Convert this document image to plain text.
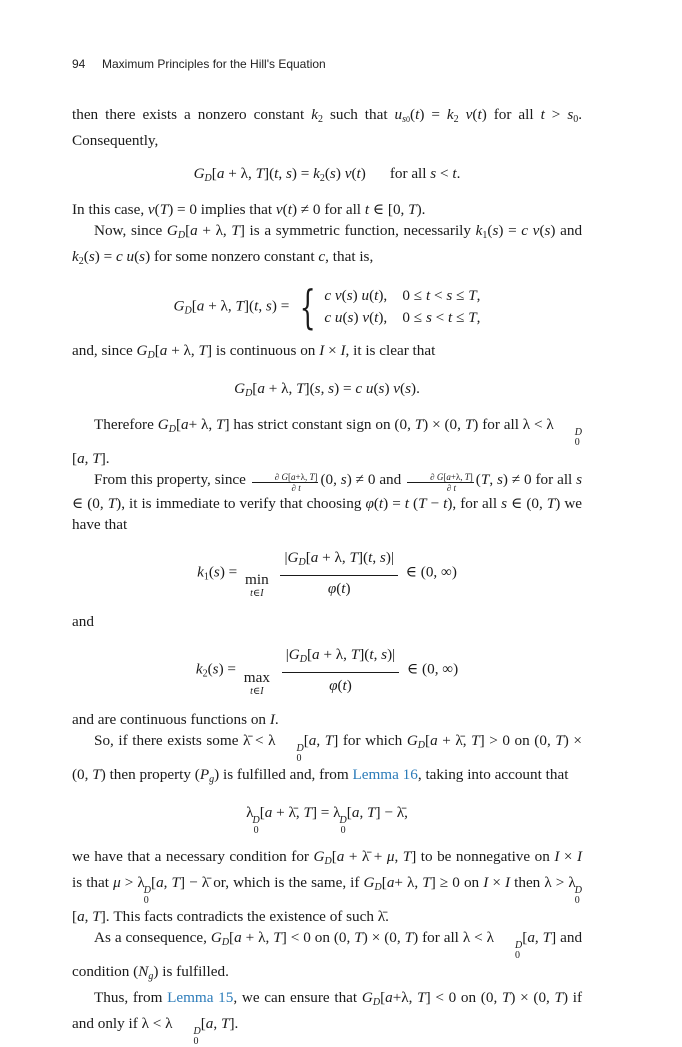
94 Maximum Principles for the Hill's Equation

then there exists a nonzero constant $k_2$ such that $u_{s0}(t) = k_2$ v(t) for all $t > s_0$. Consequently,

$G_D[a + \lambda$, T](t, $s) = k_2(s)$ v(t) for all s < t.

In this case, v(T) = 0 implies that v(t) ≠ 0 for all t ∈ [0, T).

Now, since $G_D[a + \lambda$, T] is a symmetric function, necessarily $k_1(s) = c$ v(s) and $k_2(s) = c$ u(s) for some nonzero constant c, that is,

$G_D[a + \lambda$, T](t, s) = { c v(s) u(t),    0 ≤ t < s ≤ T,
c u(s) v(t),    0 ≤ s < t ≤ T,

and, since $G_D[a + \lambda$, T] is continuous on I × I, it is clear that

$G_D[a + \lambda$, T](s, s) = c u(s) v(s).

Therefore $G_D[a+ \lambda$, T] has strict constant sign on (0, T) × (0, T) for all λ < λ	D
0
[a, T].

From this property, since $\frac{\partial G[a+\lambda, T]}{\partial t} (0$, s) ≠ 0 and $\frac{\partial G[a+\lambda, T]}{\partial t} (T$, s) ≠ 0 for all s ∈ (0, T), it is immediate to verify that choosing φ(t) = t (T − t), for all s ∈ (0, T) we have that

$k_1(s) = \min$
t∈I
$\frac{|G_D[a + \lambda, T](t, s)|}{\varphi(t)}$ ∈ (0, ∞)

and

$k_2(s) = \max$
t∈I
$\frac{|G_D[a + \lambda, T](t, s)|}{\varphi(t)}$ ∈ (0, ∞)

and are continuous functions on I.

So, if there exists some λ̄ < λ	D
0
[a, T] for which $G_D[a$ + λ̄, T] > 0 on (0, T) × (0, T) then property $(P_g)$ is fulfilled and, from Lemma 16, taking into account that

λ D
0
[a + λ̄, T] = λ D
0
[a, T] − λ̄,

we have that a necessary condition for $G_D[a$ + λ̄ + μ, T] to be nonnegative on I × I is that μ > λ D
0
[a, T] − λ̄ or, which is the same, if $G_D[a+ \lambda$, T] ≥ 0 on I × I then λ > λ D
0
[a, T]. This facts contradicts the existence of such λ̄.

As a consequence, $G_D[a + \lambda$, T] < 0 on (0, T) × (0, T) for all λ < λ	D
0
[a, T] and condition $(N_g)$ is fulfilled.

Thus, from Lemma 15, we can ensure that $G_D[a+\lambda$, T] < 0 on (0, T) × (0, T) if and only if λ < λ	D
0
[a, T].
